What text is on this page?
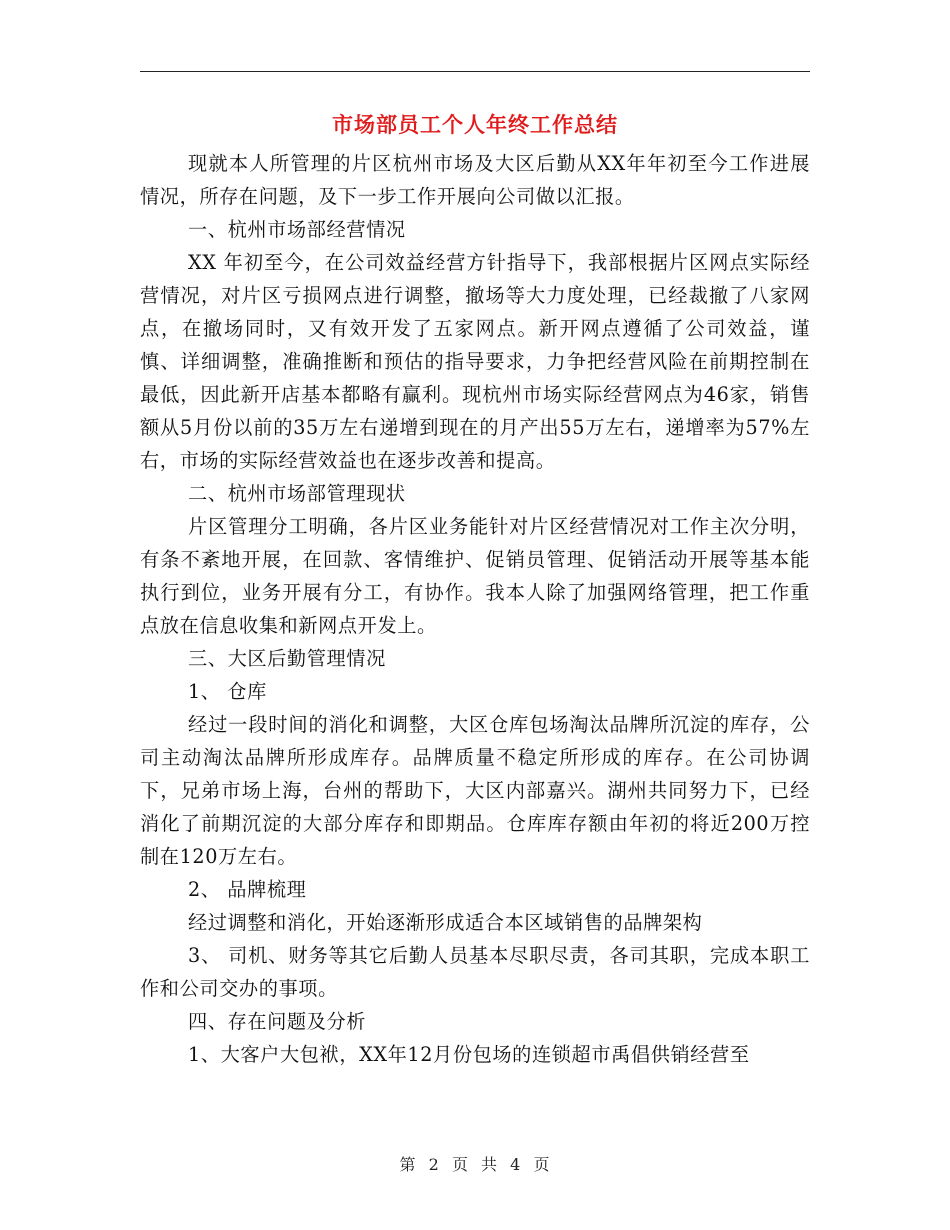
市场部员工个人年终工作总结

现就本人所管理的片区杭州市场及大区后勤从XX年年初至今工作进展情况，所存在问题，及下一步工作开展向公司做以汇报。

一、杭州市场部经营情况

XX 年初至今，在公司效益经营方针指导下，我部根据片区网点实际经营情况，对片区亏损网点进行调整，撤场等大力度处理，已经裁撤了八家网点，在撤场同时，又有效开发了五家网点。新开网点遵循了公司效益，谨慎、详细调整，准确推断和预估的指导要求，力争把经营风险在前期控制在最低，因此新开店基本都略有赢利。现杭州市场实际经营网点为46家，销售额从5月份以前的35万左右递增到现在的月产出55万左右，递增率为57%左右，市场的实际经营效益也在逐步改善和提高。

二、杭州市场部管理现状

片区管理分工明确，各片区业务能针对片区经营情况对工作主次分明，有条不紊地开展，在回款、客情维护、促销员管理、促销活动开展等基本能执行到位，业务开展有分工，有协作。我本人除了加强网络管理，把工作重点放在信息收集和新网点开发上。

三、大区后勤管理情况

1、 仓库

经过一段时间的消化和调整，大区仓库包场淘汰品牌所沉淀的库存，公司主动淘汰品牌所形成库存。品牌质量不稳定所形成的库存。在公司协调下，兄弟市场上海，台州的帮助下，大区内部嘉兴。湖州共同努力下，已经消化了前期沉淀的大部分库存和即期品。仓库库存额由年初的将近200万控制在120万左右。

2、 品牌梳理

经过调整和消化，开始逐渐形成适合本区域销售的品牌架构

3、 司机、财务等其它后勤人员基本尽职尽责，各司其职，完成本职工作和公司交办的事项。

四、存在问题及分析

1、大客户大包袱，XX年12月份包场的连锁超市禹倡供销经营至

第 2 页 共 4 页
